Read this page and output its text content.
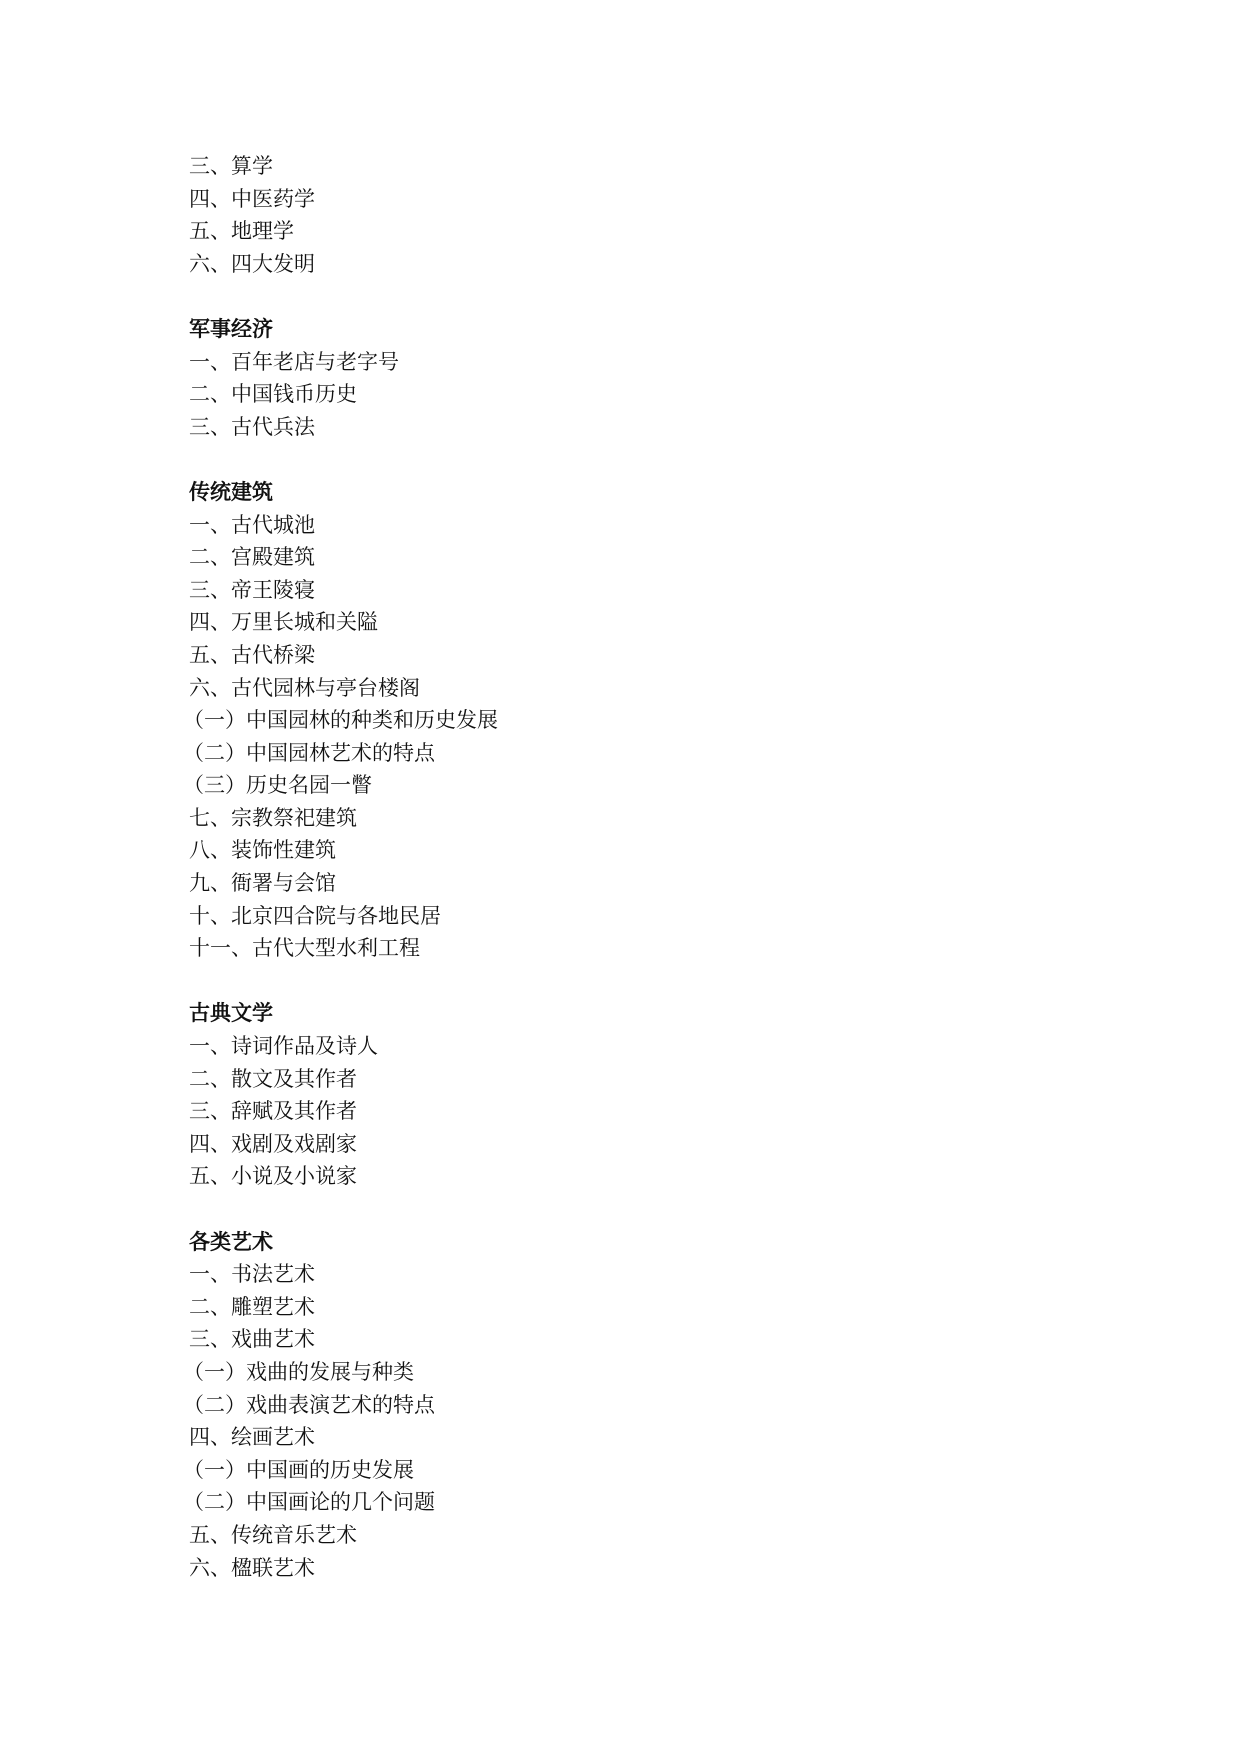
三、算学
四、中医药学
五、地理学
六、四大发明
军事经济
一、百年老店与老字号
二、中国钱币历史
三、古代兵法
传统建筑
一、古代城池
二、宫殿建筑
三、帝王陵寝
四、万里长城和关隘
五、古代桥梁
六、古代园林与亭台楼阁
（一）中国园林的种类和历史发展
（二）中国园林艺术的特点
（三）历史名园一瞥
七、宗教祭祀建筑
八、装饰性建筑
九、衙署与会馆
十、北京四合院与各地民居
十一、古代大型水利工程
古典文学
一、诗词作品及诗人
二、散文及其作者
三、辞赋及其作者
四、戏剧及戏剧家
五、小说及小说家
各类艺术
一、书法艺术
二、雕塑艺术
三、戏曲艺术
（一）戏曲的发展与种类
（二）戏曲表演艺术的特点
四、绘画艺术
（一）中国画的历史发展
（二）中国画论的几个问题
五、传统音乐艺术
六、楹联艺术
